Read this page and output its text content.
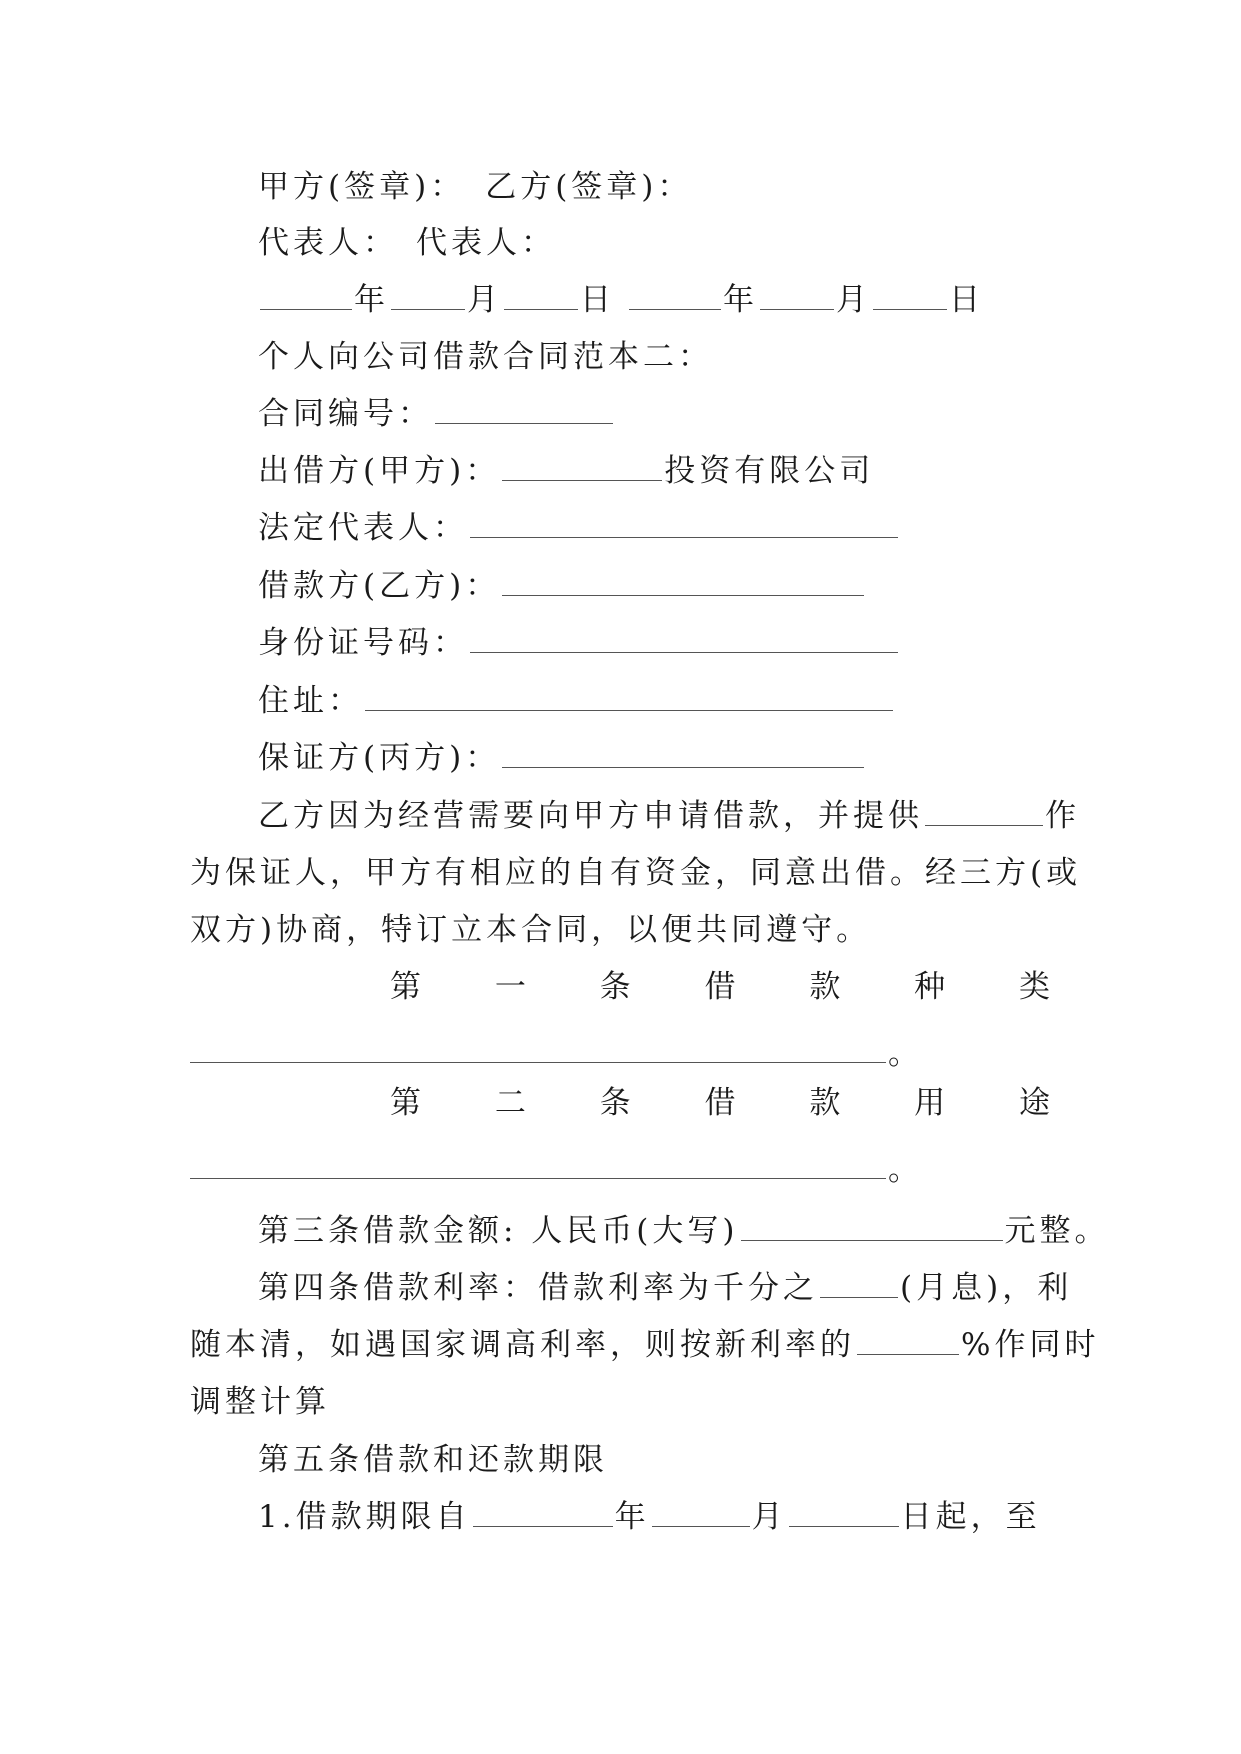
甲方(签章)： 乙方(签章)：
代表人： 代表人：
年	月	日	年	月	日
个人向公司借款合同范本二：
合同编号：
出借方(甲方)：	投资有限公司
法定代表人：
借款方(乙方)：
身份证号码：
住址：
保证方(丙方)：
乙方因为经营需要向甲方申请借款，并提供	作
为保证人，甲方有相应的自有资金，同意出借。经三方(或
双方)协商，特订立本合同，以便共同遵守。
第 一 条 借 款 种 类
。
第 二 条 借 款 用 途
。
第三条借款金额: 人民币(大写)	元整。
第四条借款利率：借款利率为千分之	(月息)，利
随本清，如遇国家调高利率，则按新利率的	%作同时
调整计算
第五条借款和还款期限
1.借款期限自	年	月	日起，至
